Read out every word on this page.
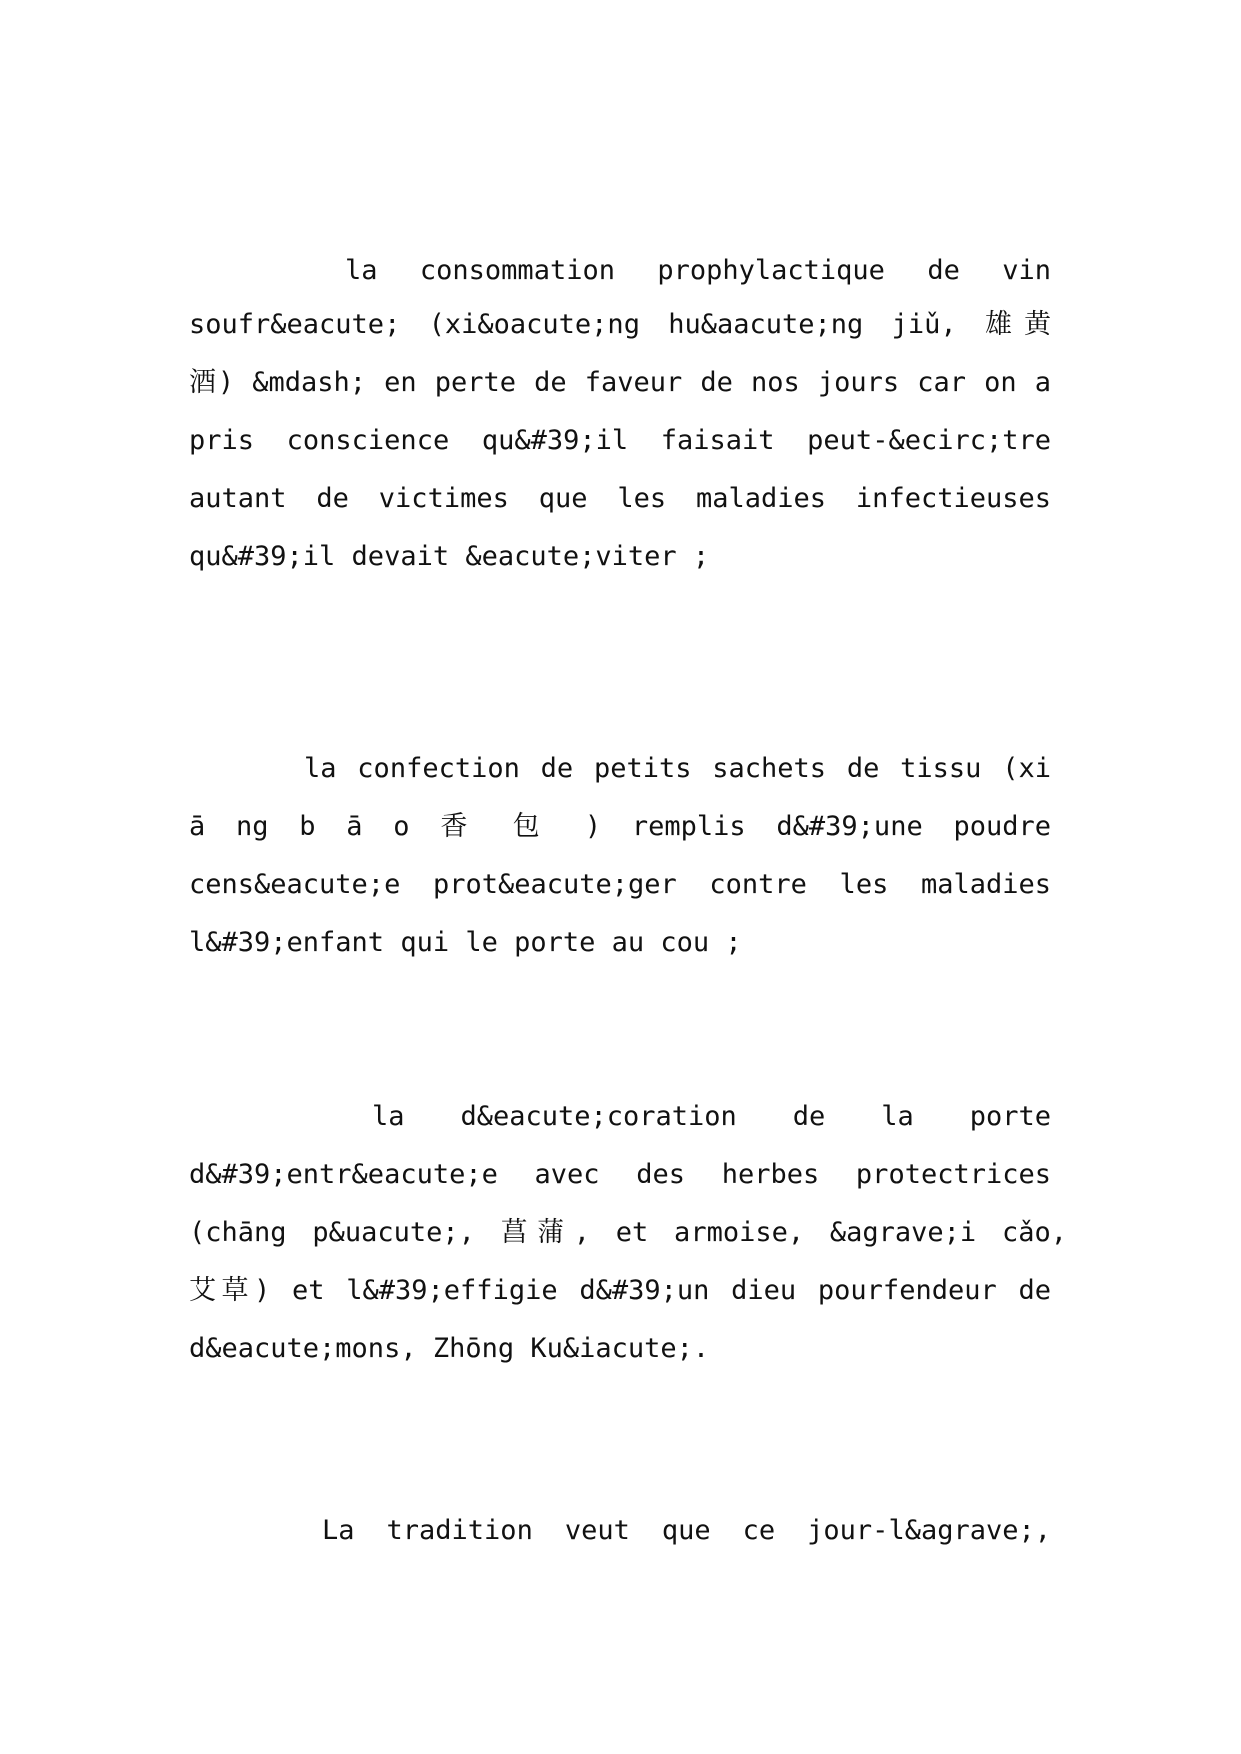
la consommation prophylactique de vin
soufr&eacute; (xi&oacute;ng hu&aacute;ng jiǔ, 雄黄
酒) &mdash; en perte de faveur de nos jours car on a
pris conscience qu&#39;il faisait peut-&ecirc;tre
autant de victimes que les maladies infectieuses
qu&#39;il devait &eacute;viter ;
la confection de petits sachets de tissu (xi
ā ng b ā o 香 包 ) remplis d&#39;une poudre
cens&eacute;e prot&eacute;ger contre les maladies
l&#39;enfant qui le porte au cou ;
la d&eacute;coration de la porte
d&#39;entr&eacute;e avec des herbes protectrices
(chāng p&uacute;, 菖蒲, et armoise, &agrave;i cǎo,
艾草) et l&#39;effigie d&#39;un dieu pourfendeur de
d&eacute;mons, Zhōng Ku&iacute;.
La tradition veut que ce jour-l&agrave;,
